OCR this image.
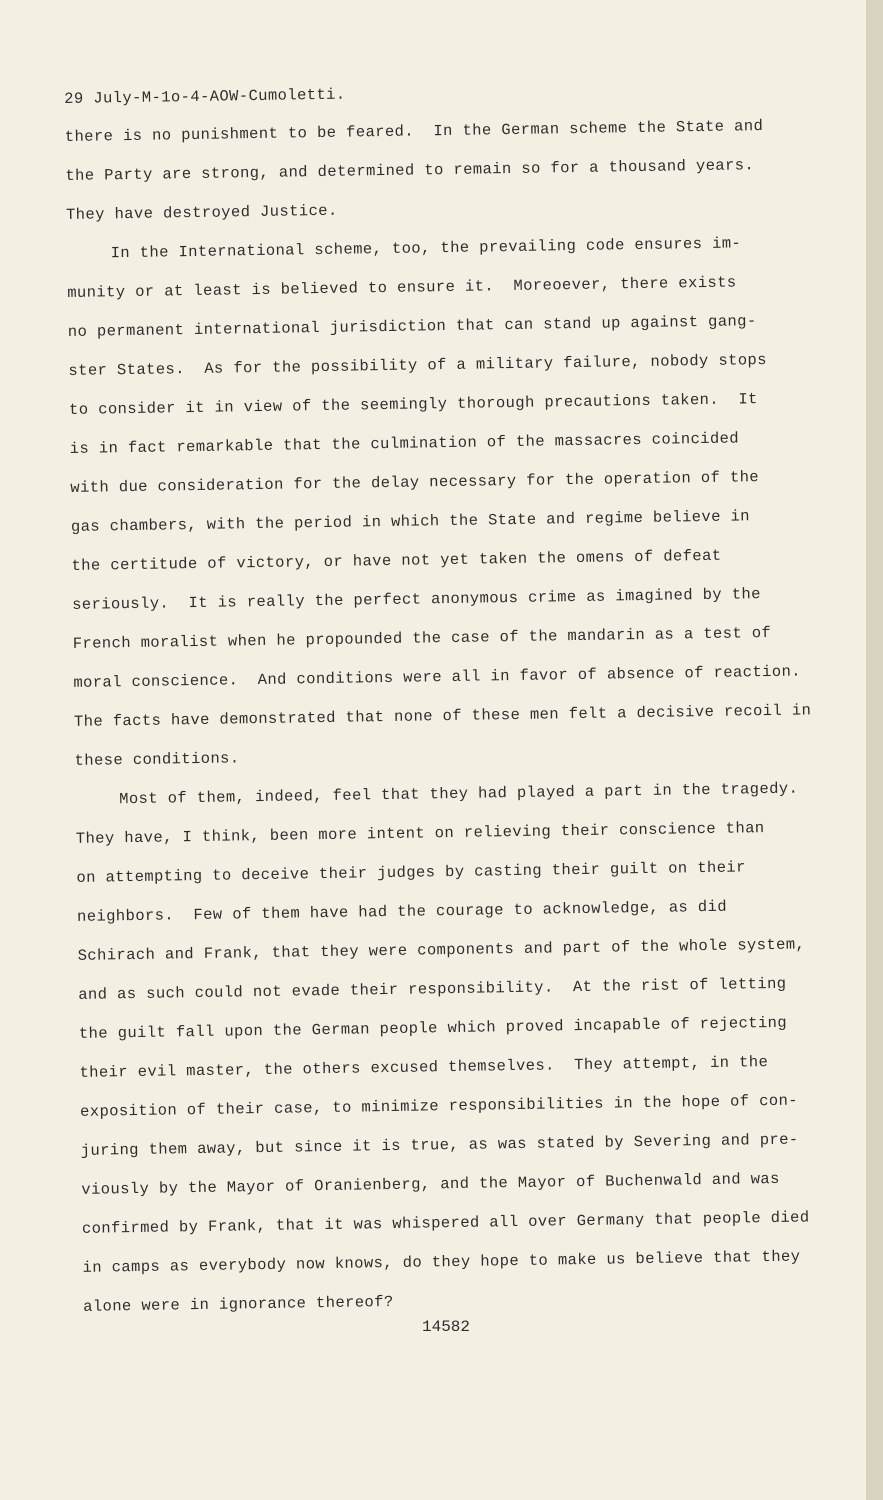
29 July-M-1o-4-AOW-Cumoletti.
there is no punishment to be feared.  In the German scheme the State and
the Party are strong, and determined to remain so for a thousand years.
They have destroyed Justice.
In the International scheme, too, the prevailing code ensures im-
munity or at least is believed to ensure it.  Moreoever, there exists
no permanent international jurisdiction that can stand up against gang-
ster States.  As for the possibility of a military failure, nobody stops
to consider it in view of the seemingly thorough precautions taken.  It
is in fact remarkable that the culmination of the massacres coincided
with due consideration for the delay necessary for the operation of the
gas chambers, with the period in which the State and regime believe in
the certitude of victory, or have not yet taken the omens of defeat
seriously.  It is really the perfect anonymous crime as imagined by the
French moralist when he propounded the case of the mandarin as a test of
moral conscience.  And conditions were all in favor of absence of reaction.
The facts have demonstrated that none of these men felt a decisive recoil in
these conditions.
Most of them, indeed, feel that they had played a part in the tragedy.
They have, I think, been more intent on relieving their conscience than
on attempting to deceive their judges by casting their guilt on their
neighbors.  Few of them have had the courage to acknowledge, as did
Schirach and Frank, that they were components and part of the whole system,
and as such could not evade their responsibility.  At the rist of letting
the guilt fall upon the German people which proved incapable of rejecting
their evil master, the others excused themselves.  They attempt, in the
exposition of their case, to minimize responsibilities in the hope of con-
juring them away, but since it is true, as was stated by Severing and pre-
viously by the Mayor of Oranienberg, and the Mayor of Buchenwald and was
confirmed by Frank, that it was whispered all over Germany that people died
in camps as everybody now knows, do they hope to make us believe that they
alone were in ignorance thereof?
14582
